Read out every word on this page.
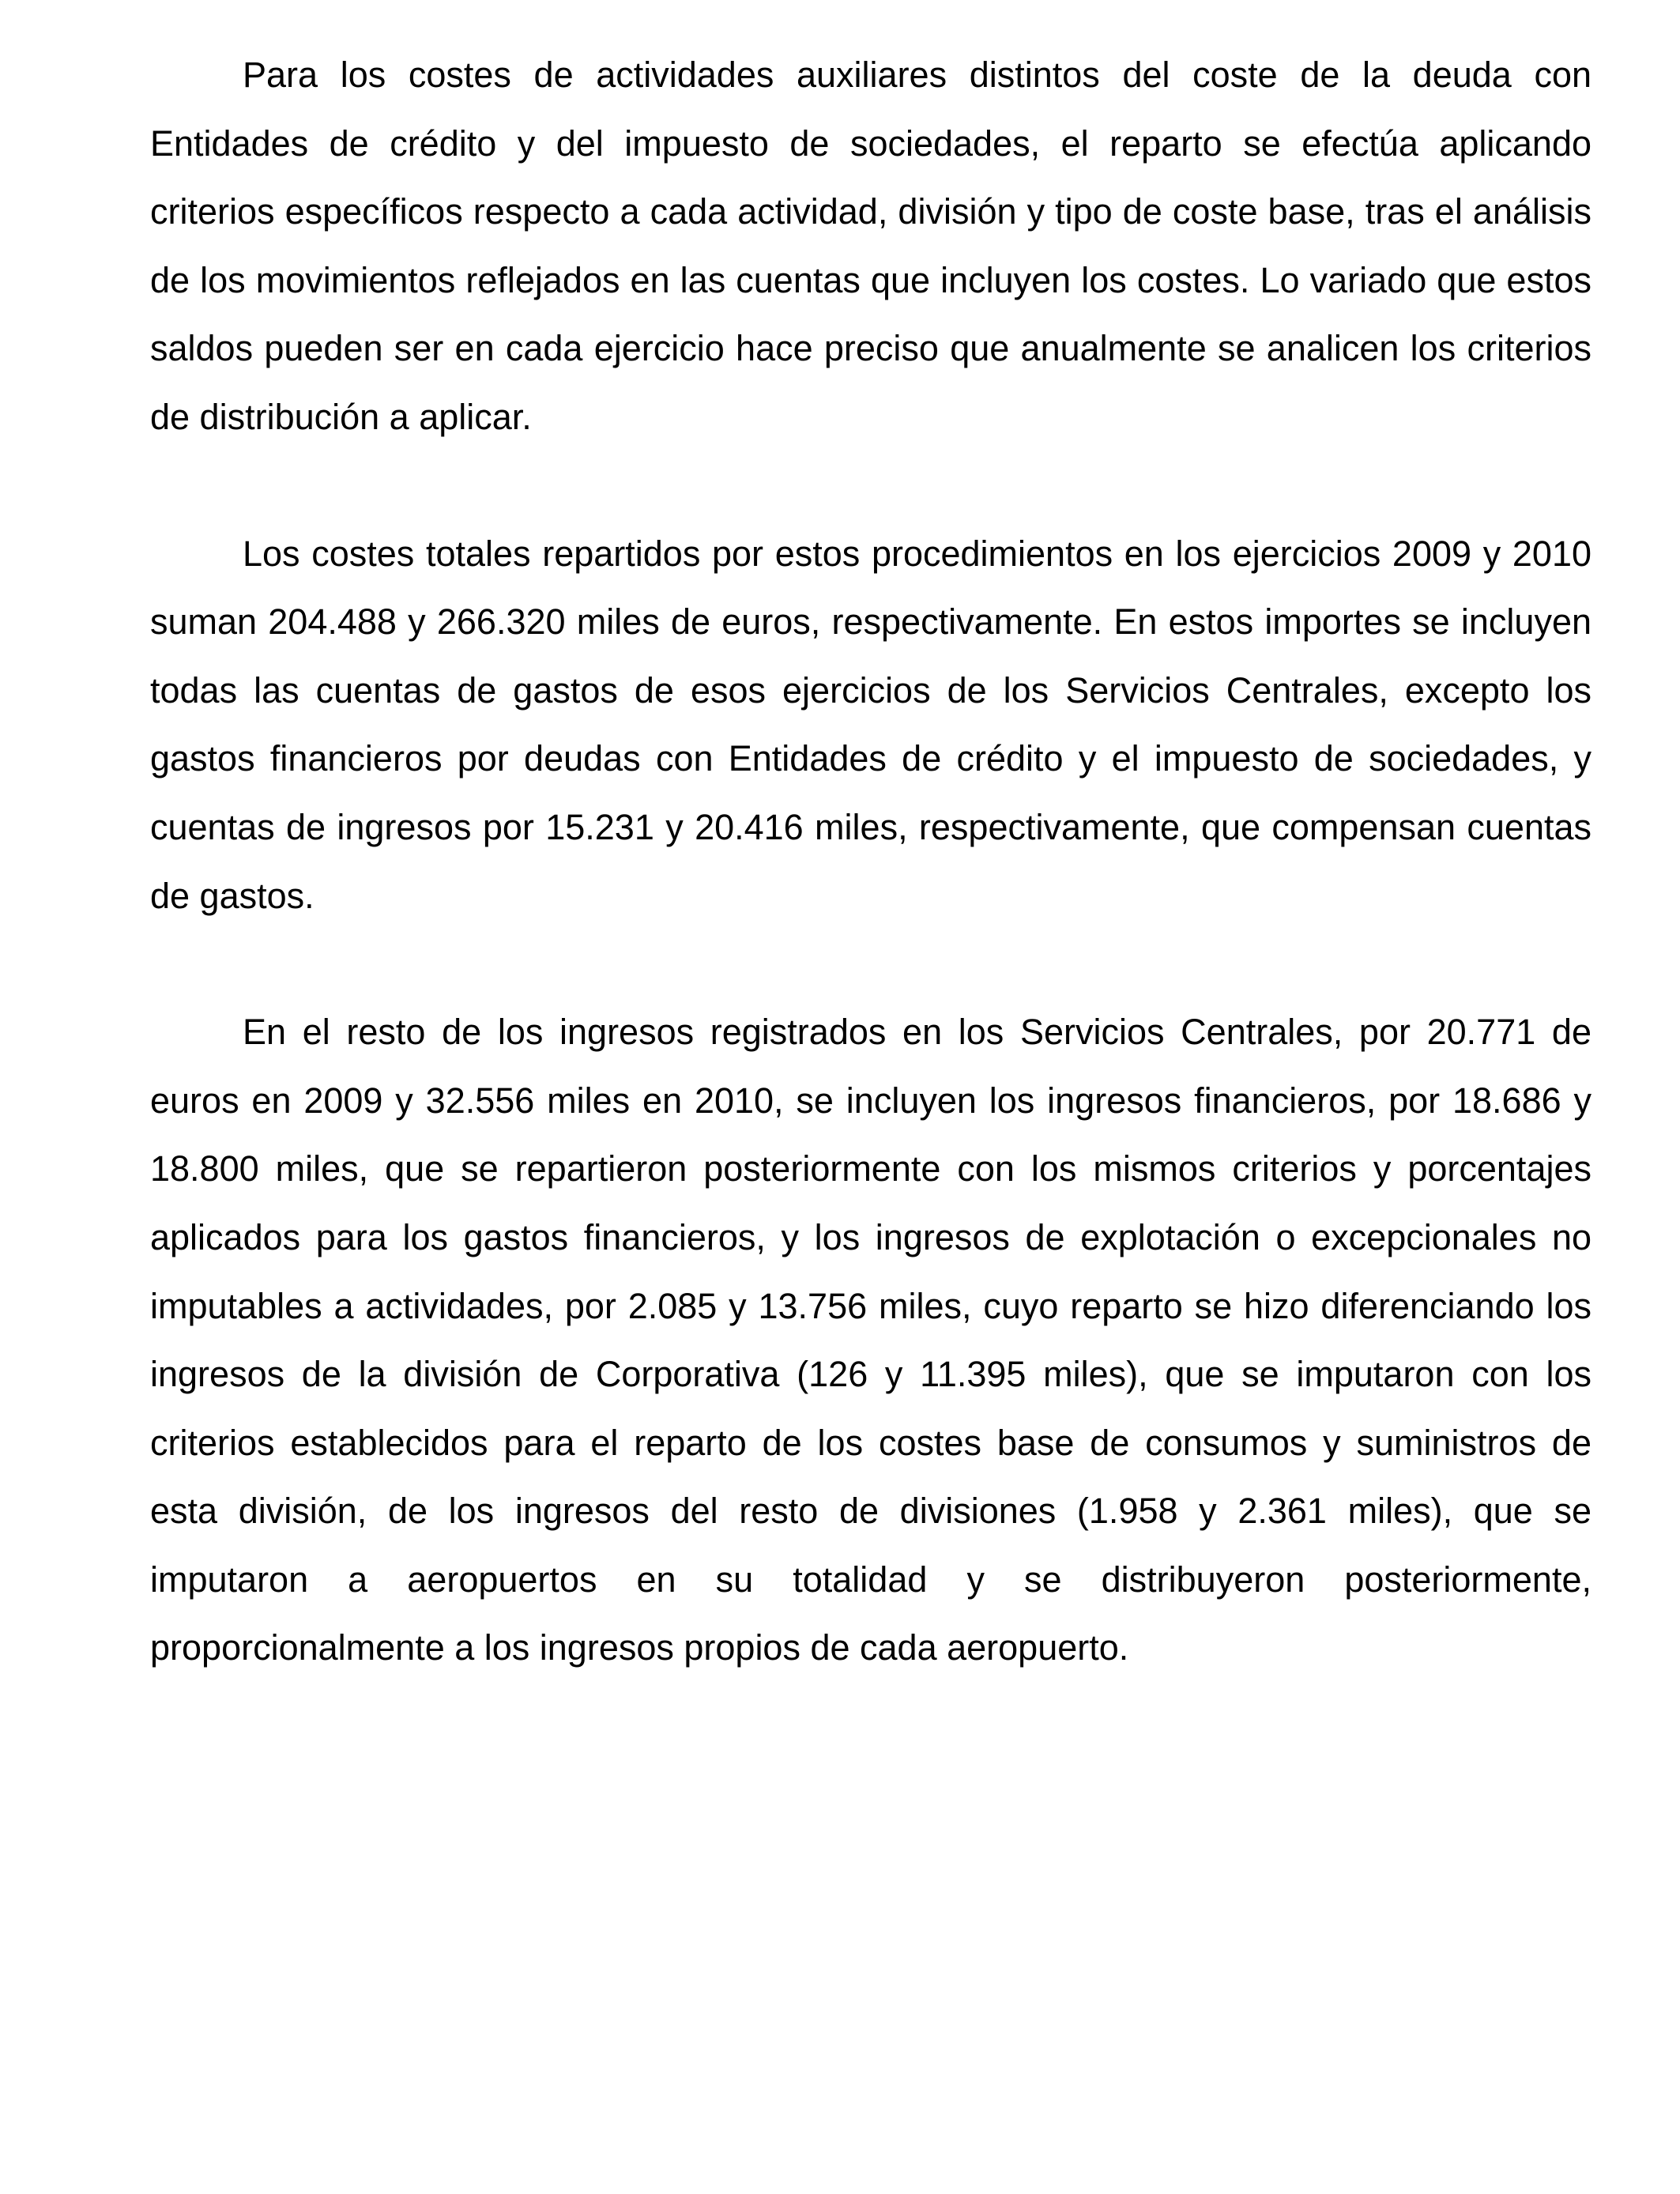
Para los costes de actividades auxiliares distintos del coste de la deuda con Entidades de crédito y del impuesto de sociedades, el reparto se efectúa aplicando criterios específicos respecto a cada actividad, división y tipo de coste base, tras el análisis de los movimientos reflejados en las cuentas que incluyen los costes. Lo variado que estos saldos pueden ser en cada ejercicio hace preciso que anualmente se analicen los criterios de distribución a aplicar.

Los costes totales repartidos por estos procedimientos en los ejercicios 2009 y 2010 suman 204.488 y 266.320 miles de euros, respectivamente. En estos importes se incluyen todas las cuentas de gastos de esos ejercicios de los Servicios Centrales, excepto los gastos financieros por deudas con Entidades de crédito y el impuesto de sociedades, y cuentas de ingresos por 15.231 y 20.416 miles, respectivamente, que compensan cuentas de gastos.

En el resto de los ingresos registrados en los Servicios Centrales, por 20.771 de euros en 2009 y 32.556 miles en 2010, se incluyen los ingresos financieros, por 18.686 y 18.800 miles, que se repartieron posteriormente con los mismos criterios y porcentajes aplicados para los gastos financieros, y los ingresos de explotación o excepcionales no imputables a actividades, por 2.085 y 13.756 miles, cuyo reparto se hizo diferenciando los ingresos de la división de Corporativa (126 y 11.395 miles), que se imputaron con los criterios establecidos para el reparto de los costes base de consumos y suministros de esta división, de los ingresos del resto de divisiones (1.958 y 2.361 miles), que se imputaron a aeropuertos en su totalidad y se distribuyeron posteriormente, proporcionalmente a los ingresos propios de cada aeropuerto.
